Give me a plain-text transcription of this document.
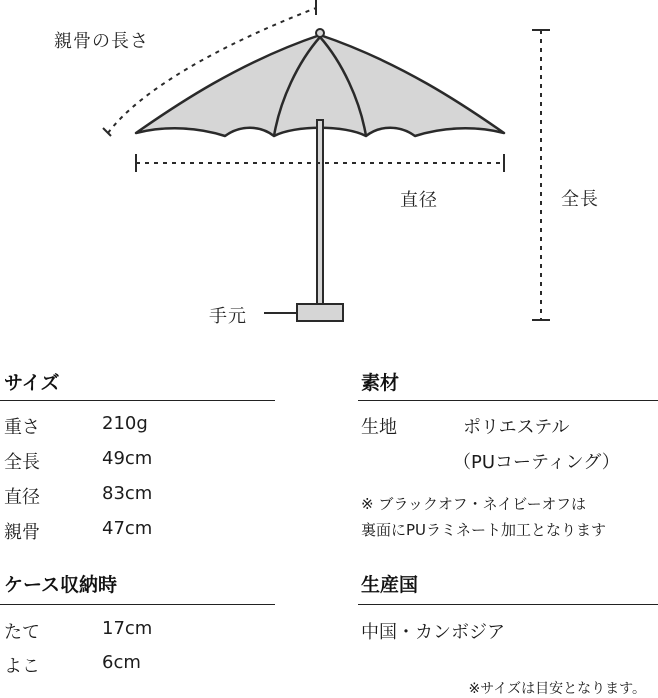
親骨の長さ
直径	全長
手元
サイズ
重さ	210g
全長	49cm
直径	83cm
親骨	47cm
素材
生地	ポリエステル
（PUコーティング）
※ ブラックオフ・ネイビーオフは
裏面にPUラミネート加工となります
ケース収納時
たて	17cm
よこ	6cm
生産国
中国・カンボジア
※サイズは目安となります。
